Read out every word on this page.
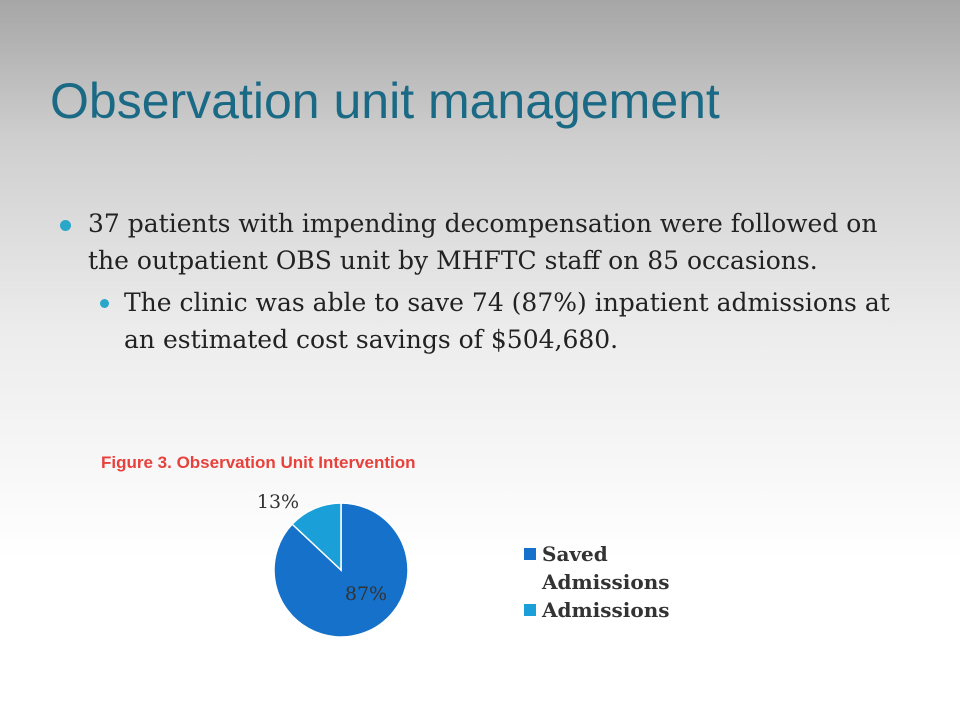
Observation unit management
37 patients with impending decompensation were followed on the outpatient OBS unit by MHFTC staff on 85 occasions.
The clinic was able to save 74 (87%) inpatient admissions at an estimated cost savings of $504,680.
Figure 3. Observation Unit Intervention
87%
13%
Saved Admissions
Admissions
